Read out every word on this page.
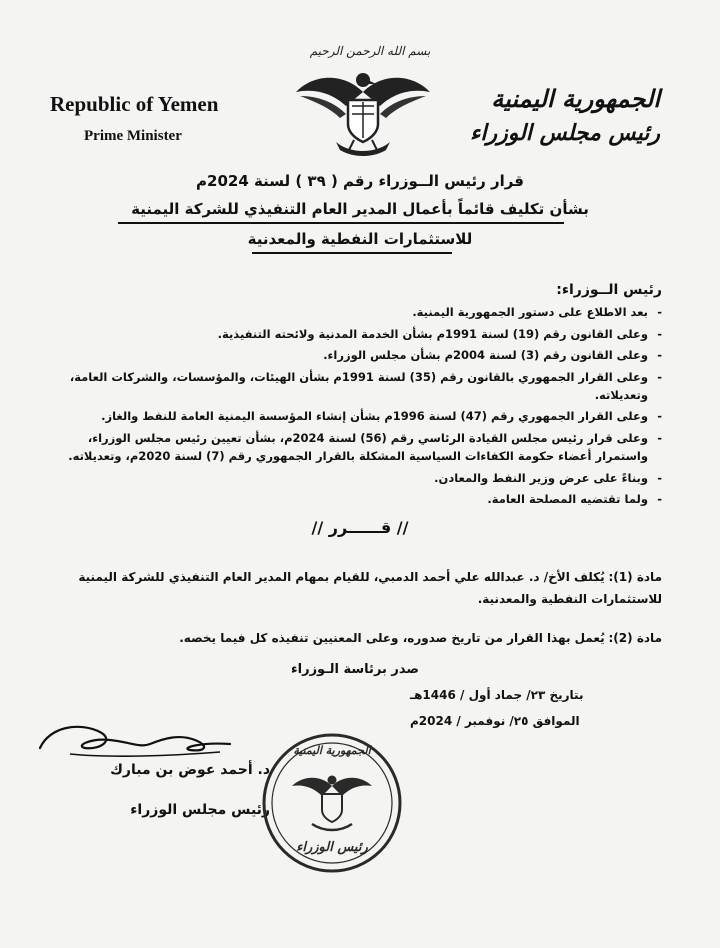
بسم الله الرحمن الرحيم
Republic of Yemen
Prime Minister
الجمهورية اليمنية
رئيس مجلس الوزراء
قرار رئيس الــوزراء رقم ( ٣٩ ) لسنة 2024م
بشأن تكليف قائماً بأعمال المدير العام التنفيذي للشركة اليمنية
للاستثمارات النفطية والمعدنية
رئيس الــوزراء:
- بعد الاطلاع على دستور الجمهورية اليمنية.
- وعلى القانون رقم (19) لسنة 1991م بشأن الخدمة المدنية ولائحته التنفيذية.
- وعلى القانون رقم (3) لسنة 2004م بشأن مجلس الوزراء.
- وعلى القرار الجمهوري بالقانون رقم (35) لسنة 1991م بشأن الهيئات، والمؤسسات، والشركات العامة، وتعديلاته.
- وعلى القرار الجمهوري رقم (47) لسنة 1996م بشأن إنشاء المؤسسة اليمنية العامة للنفط والغاز.
- وعلى قرار رئيس مجلس القيادة الرئاسي رقم (56) لسنة 2024م، بشأن تعيين رئيس مجلس الوزراء، واستمرار أعضاء حكومة الكفاءات السياسية المشكلة بالقرار الجمهوري رقم (7) لسنة 2020م، وتعديلاته.
- وبناءً على عرض وزير النفط والمعادن.
- ولما تقتضيه المصلحة العامة.
// قــــــرر //
مادة (1): يُكلف الأخ/ د. عبدالله علي أحمد الدمبي، للقيام بمهام المدير العام التنفيذي للشركة اليمنية للاستثمارات النفطية والمعدنية.
مادة (2): يُعمل بهذا القرار من تاريخ صدوره، وعلى المعنيين تنفيذه كل فيما يخصه.
صدر برئاسة الـوزراء
بتاريخ ٢٣/ جماد أول / 1446هـ
الموافق ٢٥/ نوفمبر / 2024م
د. أحمد عوض بن مبارك
رئيس مجلس الوزراء
الجمهورية اليمنية
رئيس الوزراء
